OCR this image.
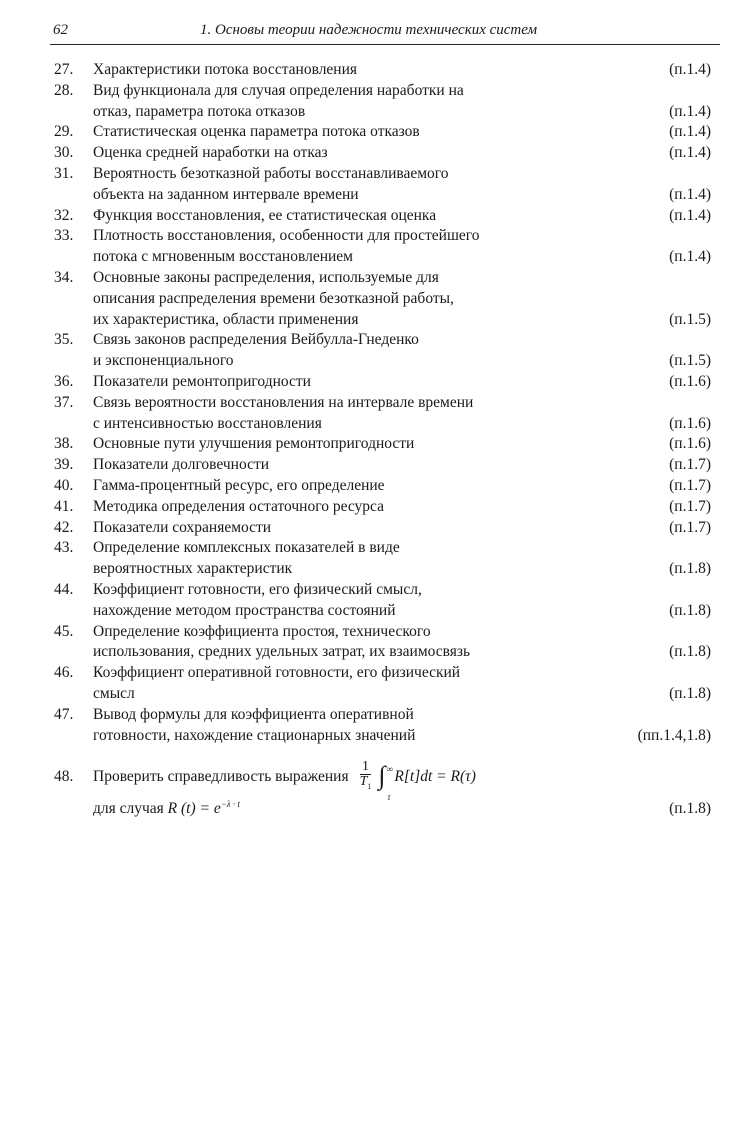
62	1. Основы теории надежности технических систем
27. Характеристики потока восстановления	(п.1.4)
28. Вид функционала для случая определения наработки на
отказ, параметра потока отказов	(п.1.4)
29. Статистическая оценка параметра потока отказов	(п.1.4)
30. Оценка средней наработки на отказ	(п.1.4)
31. Вероятность безотказной работы восстанавливаемого
объекта на заданном интервале времени	(п.1.4)
32. Функция восстановления, ее статистическая оценка	(п.1.4)
33. Плотность восстановления, особенности для простейшего
потока с мгновенным восстановлением	(п.1.4)
34. Основные законы распределения, используемые для
описания распределения времени безотказной работы,
их характеристика, области применения	(п.1.5)
35. Связь законов распределения Вейбулла-Гнеденко
и экспоненциального	(п.1.5)
36. Показатели ремонтопригодности	(п.1.6)
37. Связь вероятности восстановления на интервале времени
с интенсивностью восстановления	(п.1.6)
38. Основные пути улучшения ремонтопригодности	(п.1.6)
39. Показатели долговечности	(п.1.7)
40. Гамма-процентный ресурс, его определение	(п.1.7)
41. Методика определения остаточного ресурса	(п.1.7)
42. Показатели сохраняемости	(п.1.7)
43. Определение комплексных показателей в виде
вероятностных характеристик	(п.1.8)
44. Коэффициент готовности, его физический смысл,
нахождение методом пространства состояний	(п.1.8)
45. Определение коэффициента простоя, технического
использования, средних удельных затрат, их взаимосвязь	(п.1.8)
46. Коэффициент оперативной готовности, его физический
смысл	(п.1.8)
47. Вывод формулы для коэффициента оперативной
готовности, нахождение стационарных значений	(пп.1.4,1.8)
48. Проверить справедливость выражения $\frac{1}{T_1}$ ∫ ∞
τ
R[t]dt = R(τ)
для случая R $(t) = e^{-\lambda \cdot t}$	(п.1.8)
